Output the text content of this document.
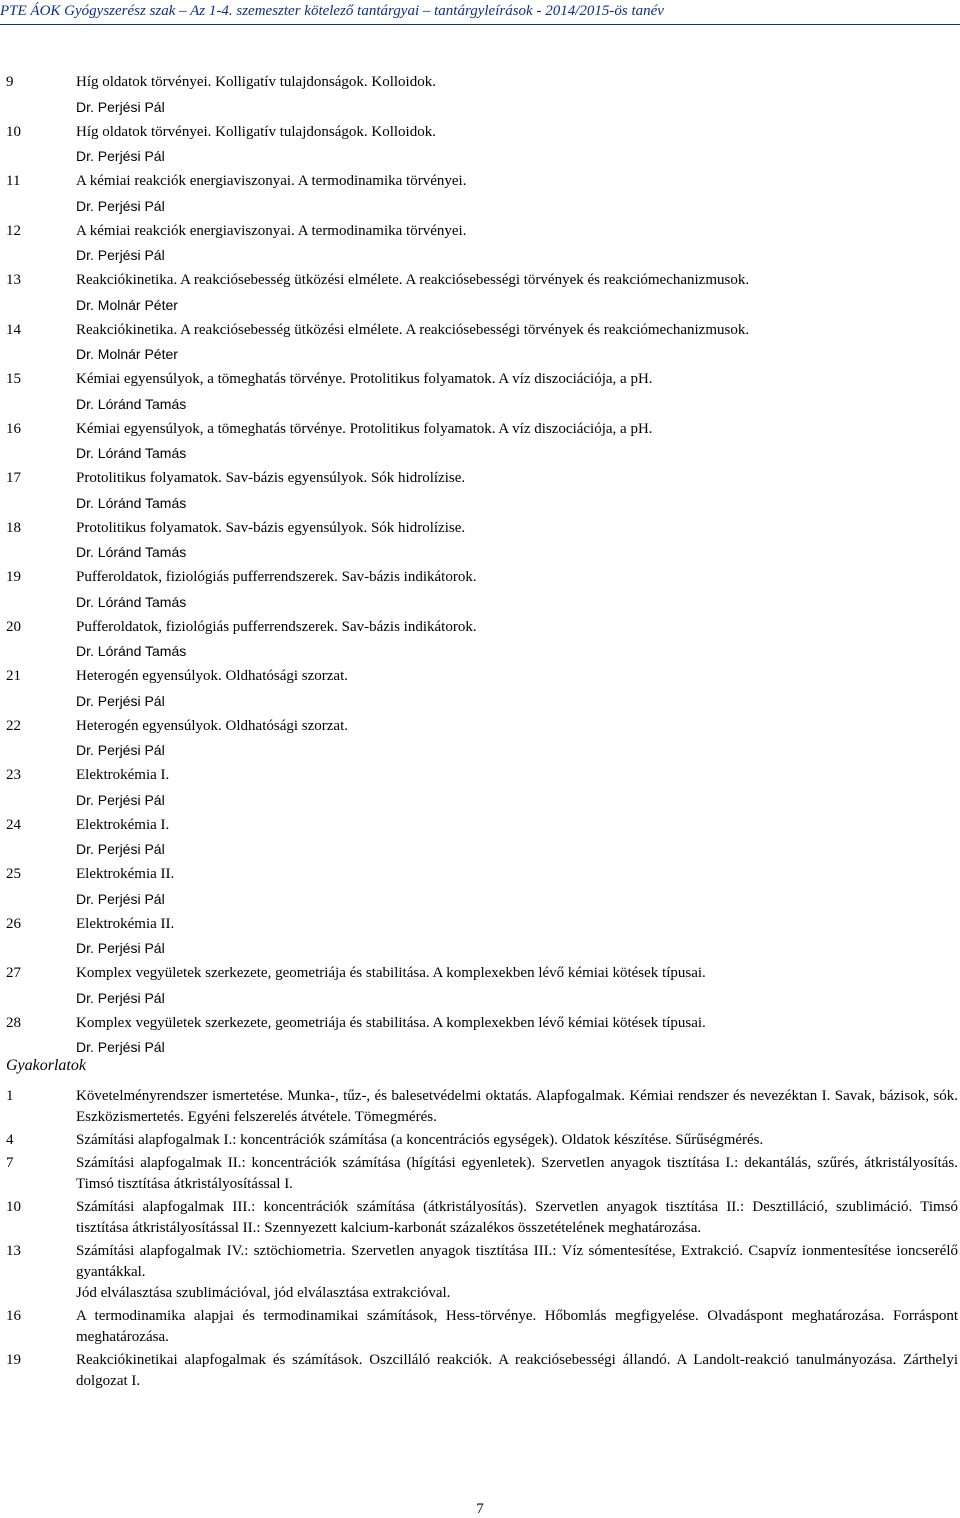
PTE ÁOK Gyógyszerész szak – Az 1-4. szemeszter kötelező tantárgyai – tantárgyleírások - 2014/2015-ös tanév
9	Híg oldatok törvényei. Kolligatív tulajdonságok. Kolloidok.
Dr. Perjési Pál
10	Híg oldatok törvényei. Kolligatív tulajdonságok. Kolloidok.
Dr. Perjési Pál
11	A kémiai reakciók energiaviszonyai. A termodinamika törvényei.
Dr. Perjési Pál
12	A kémiai reakciók energiaviszonyai. A termodinamika törvényei.
Dr. Perjési Pál
13	Reakciókinetika. A reakciósebesség ütközési elmélete. A reakciósebességi törvények és reakciómechanizmusok.
Dr. Molnár Péter
14	Reakciókinetika. A reakciósebesség ütközési elmélete. A reakciósebességi törvények és reakciómechanizmusok.
Dr. Molnár Péter
15	Kémiai egyensúlyok, a tömeghatás törvénye. Protolitikus folyamatok. A víz diszociációja, a pH.
Dr. Lóránd Tamás
16	Kémiai egyensúlyok, a tömeghatás törvénye. Protolitikus folyamatok. A víz diszociációja, a pH.
Dr. Lóránd Tamás
17	Protolitikus folyamatok. Sav-bázis egyensúlyok. Sók hidrolízise.
Dr. Lóránd Tamás
18	Protolitikus folyamatok. Sav-bázis egyensúlyok. Sók hidrolízise.
Dr. Lóránd Tamás
19	Pufferoldatok, fiziológiás pufferrendszerek. Sav-bázis indikátorok.
Dr. Lóránd Tamás
20	Pufferoldatok, fiziológiás pufferrendszerek. Sav-bázis indikátorok.
Dr. Lóránd Tamás
21	Heterogén egyensúlyok. Oldhatósági szorzat.
Dr. Perjési Pál
22	Heterogén egyensúlyok. Oldhatósági szorzat.
Dr. Perjési Pál
23	Elektrokémia I.
Dr. Perjési Pál
24	Elektrokémia I.
Dr. Perjési Pál
25	Elektrokémia II.
Dr. Perjési Pál
26	Elektrokémia II.
Dr. Perjési Pál
27	Komplex vegyületek szerkezete, geometriája és stabilitása. A komplexekben lévő kémiai kötések típusai.
Dr. Perjési Pál
28	Komplex vegyületek szerkezete, geometriája és stabilitása. A komplexekben lévő kémiai kötések típusai.
Dr. Perjési Pál
Gyakorlatok
1	Követelményrendszer ismertetése. Munka-, tűz-, és balesetvédelmi oktatás. Alapfogalmak. Kémiai rendszer és nevezéktan I. Savak, bázisok, sók. Eszközismertetés. Egyéni felszerelés átvétele. Tömegmérés.
4	Számítási alapfogalmak I.: koncentrációk számítása (a koncentrációs egységek). Oldatok készítése. Sűrűségmérés.
7	Számítási alapfogalmak II.: koncentrációk számítása (hígítási egyenletek). Szervetlen anyagok tisztítása I.: dekantálás, szűrés, átkristályosítás. Timsó tisztítása átkristályosítással I.
10	Számítási alapfogalmak III.: koncentrációk számítása (átkristályosítás). Szervetlen anyagok tisztítása II.: Desztilláció, szublimáció. Timsó tisztítása átkristályosítással II.: Szennyezett kalcium-karbonát százalékos összetételének meghatározása.
13	Számítási alapfogalmak IV.: sztöchiometria. Szervetlen anyagok tisztítása III.: Víz sómentesítése, Extrakció. Csapvíz ionmentesítése ioncserélő gyantákkal.
Jód elválasztása szublimációval, jód elválasztása extrakcióval.
16	A termodinamika alapjai és termodinamikai számítások, Hess-törvénye. Hőbomlás megfigyelése. Olvadáspont meghatározása. Forráspont meghatározása.
19	Reakciókinetikai alapfogalmak és számítások. Oszcilláló reakciók. A reakciósebességi állandó. A Landolt-reakció tanulmányozása. Zárthelyi dolgozat I.
7
